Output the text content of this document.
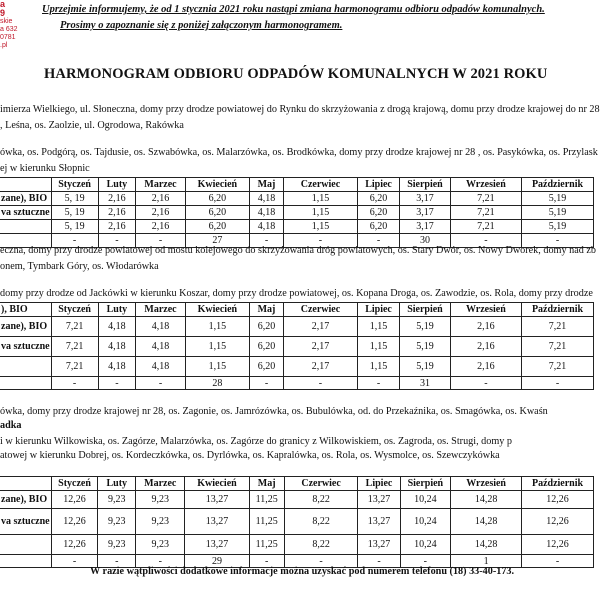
a
9
skie
a 632
0781
.pl
Uprzejmie informujemy, że od 1 stycznia 2021 roku nastąpi zmiana harmonogramu odbioru odpadów komunalnych.
Prosimy o zapoznanie się z poniżej załączonym harmonogramem.
HARMONOGRAM ODBIORU ODPADÓW KOMUNALNYCH W 2021 ROKU
imierza Wielkiego, ul. Słoneczna, domy przy drodze powiatowej do Rynku do skrzyżowania z drogą krajową, domu przy drodze krajowej do nr 28
, Leśna, os. Zaolzie, ul. Ogrodowa, Rakówka
ówka, os. Podgórą, os. Tajdusie, os. Szwabówka, os. Malarzówka, os. Brodkówka, domy przy drodze krajowej nr 28 , os. Pasykówka, os. Przylask
ej w kierunku Słopnic
	Styczeń	Luty	Marzec	Kwiecień	Maj	Czerwiec	Lipiec	Sierpień	Wrzesień	Październik
zane), BIO	5, 19	2,16	2,16	6,20	4,18	1,15	6,20	3,17	7,21	5,19
va sztuczne	5, 19	2,16	2,16	6,20	4,18	1,15	6,20	3,17	7,21	5,19
	5, 19	2,16	2,16	6,20	4,18	1,15	6,20	3,17	7,21	5,19
	-	-	-	27	-	-	-	30	-	-
eczna, domy przy drodze powiatowej od mostu kolejowego do skrzyżowania dróg powiatowych, os. Stary Dwór, os. Nowy Dworek, domy nad zb
onem, Tymbark Góry, os. Włodarówka
domy przy drodze od Jackówki w kierunku Koszar, domy przy drodze powiatowej, os. Kopana Droga, os. Zawodzie, os. Rola, domy przy drodze
), BIO	Styczeń	Luty	Marzec	Kwiecień	Maj	Czerwiec	Lipiec	Sierpień	Wrzesień	Październik
zane), BIO	7,21	4,18	4,18	1,15	6,20	2,17	1,15	5,19	2,16	7,21
va sztuczne	7,21	4,18	4,18	1,15	6,20	2,17	1,15	5,19	2,16	7,21
	7,21	4,18	4,18	1,15	6,20	2,17	1,15	5,19	2,16	7,21
	-	-	-	28	-	-	-	31	-	-
ówka, domy przy drodze krajowej nr 28, os. Zagonie, os. Jamrózówka, os. Bubulówka, od. do Przekaźnika, os. Smagówka, os. Kwaśn
adka
i w kierunku Wilkowiska, os. Zagórze, Malarzówka, os. Zagórze do granicy z Wilkowiskiem, os. Zagroda, os. Strugi, domy p
atowej w kierunku Dobrej, os. Kordeczkówka, os. Dyrlówka, os. Kapralówka, os. Rola, os. Wysmolce, os. Szewczykówka
	Styczeń	Luty	Marzec	Kwiecień	Maj	Czerwiec	Lipiec	Sierpień	Wrzesień	Październik
zane), BIO	12,26	9,23	9,23	13,27	11,25	8,22	13,27	10,24	14,28	12,26
va sztuczne	12,26	9,23	9,23	13,27	11,25	8,22	13,27	10,24	14,28	12,26
	12,26	9,23	9,23	13,27	11,25	8,22	13,27	10,24	14,28	12,26
	-	-	-	29	-	-	-	-	1	-
W razie wątpliwości dodatkowe informacje można uzyskać pod numerem telefonu (18) 33-40-173.
